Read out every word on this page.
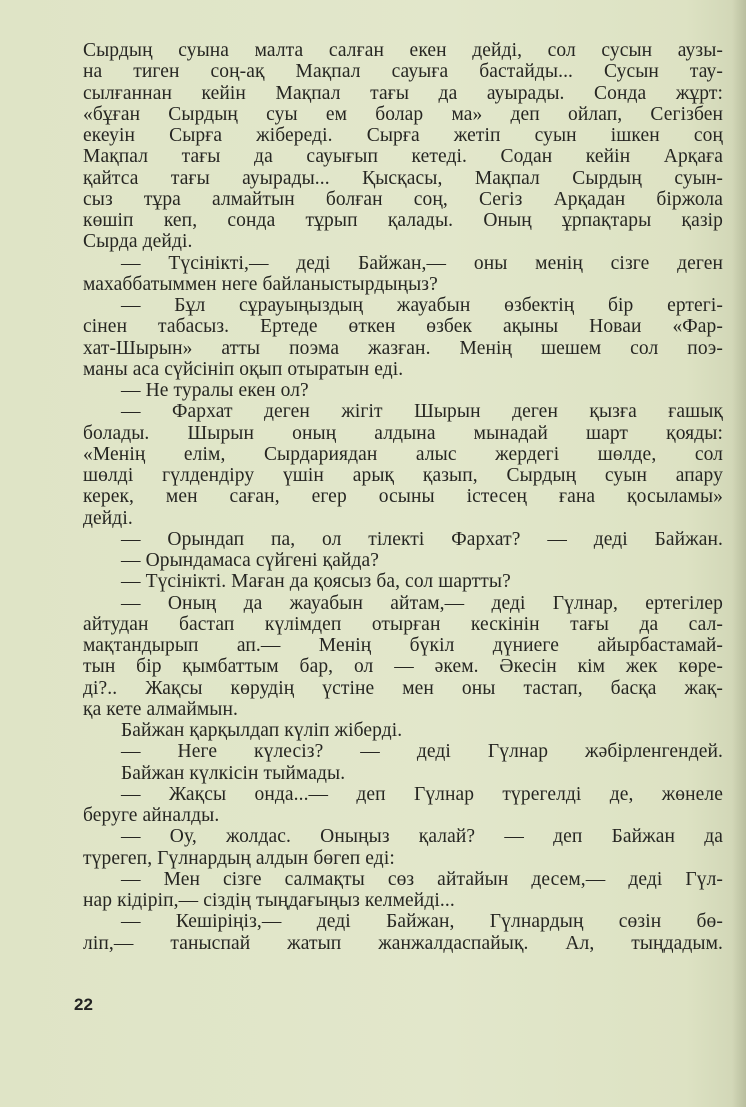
Сырдың суына малта салған екен дейді, сол сусын аузы-
на тиген соң-ақ Мақпал сауыға бастайды... Сусын тау-
сылғаннан кейін Мақпал тағы да ауырады. Сонда жұрт:
«бұған Сырдың суы ем болар ма» деп ойлап, Сегізбен
екеуін Сырға жібереді. Сырға жетіп суын ішкен соң
Мақпал тағы да сауығып кетеді. Содан кейін Арқаға
қайтса тағы ауырады... Қысқасы, Мақпал Сырдың суын-
сыз тұра алмайтын болған соң, Сегіз Арқадан біржола
көшіп кеп, сонда тұрып қалады. Оның ұрпақтары қазір
Сырда дейді.
— Түсінікті,— деді Байжан,— оны менің сізге деген
махаббатыммен неге байланыстырдыңыз?
— Бұл сұрауыңыздың жауабын өзбектің бір ертегі-
сінен табасыз. Ертеде өткен өзбек ақыны Новаи «Фар-
хат-Шырын» атты поэма жазған. Менің шешем сол поэ-
маны аса сүйсініп оқып отыратын еді.
— Не туралы екен ол?
— Фархат деген жігіт Шырын деген қызға ғашық
болады. Шырын оның алдына мынадай шарт қояды:
«Менің елім, Сырдариядан алыс жердегі шөлде, сол
шөлді гүлдендіру үшін арық қазып, Сырдың суын апару
керек, мен саған, егер осыны істесең ғана қосыламы»
дейді.
— Орындап па, ол тілекті Фархат? — деді Байжан.
— Орындамаса сүйгені қайда?
— Түсінікті. Маған да қоясыз ба, сол шартты?
— Оның да жауабын айтам,— деді Гүлнар, ертегілер
айтудан бастап күлімдеп отырған кескінін тағы да сал-
мақтандырып ап.— Менің бүкіл дүниеге айырбастамай-
тын бір қымбаттым бар, ол — әкем. Әкесін кім жек көре-
ді?.. Жақсы көрудің үстіне мен оны тастап, басқа жақ-
қа кете алмаймын.
Байжан қарқылдап күліп жіберді.
— Неге күлесіз? — деді Гүлнар жәбірленгендей.
Байжан күлкісін тыймады.
— Жақсы онда...— деп Гүлнар түрегелді де, жөнеле
беруге айналды.
— Оу, жолдас. Оныңыз қалай? — деп Байжан да
түрегеп, Гүлнардың алдын бөгеп еді:
— Мен сізге салмақты сөз айтайын десем,— деді Гүл-
нар кідіріп,— сіздің тыңдағыңыз келмейді...
— Кешіріңіз,— деді Байжан, Гүлнардың сөзін бө-
ліп,— таныспай жатып жанжалдаспайық. Ал, тыңдадым.
22
